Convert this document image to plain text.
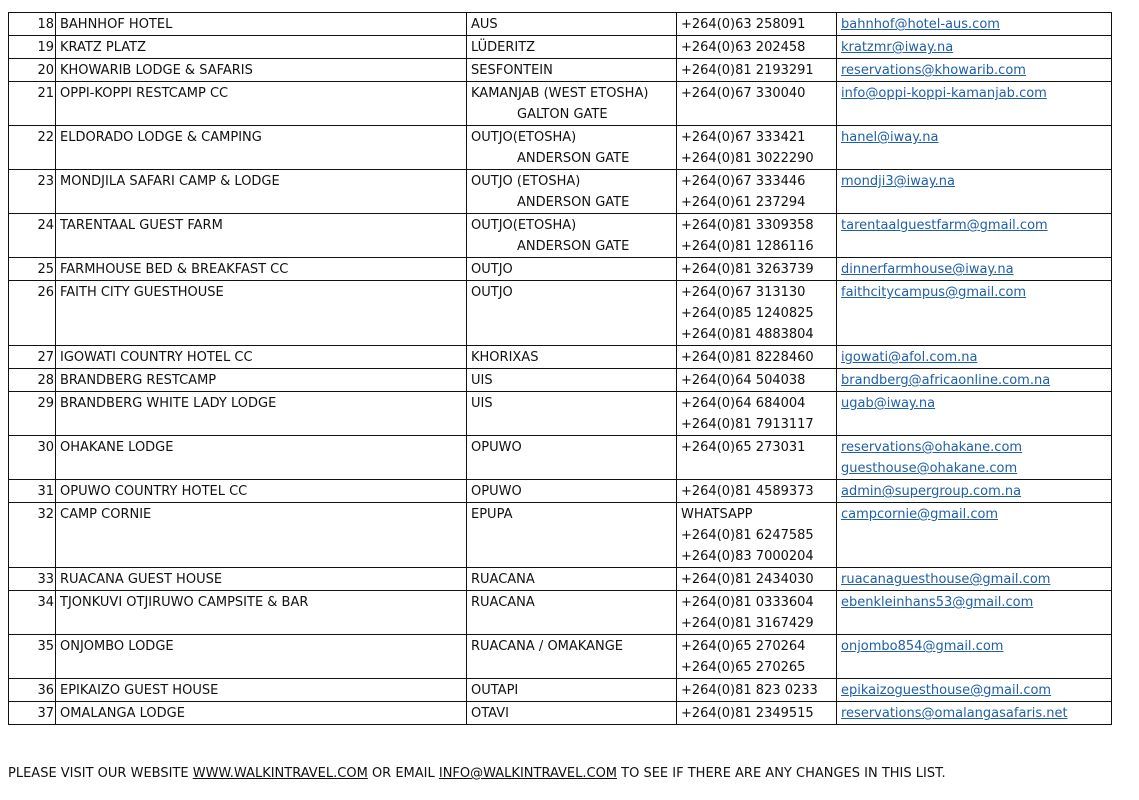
18	BAHNHOF HOTEL	AUS	+264(0)63 258091	bahnhof@hotel-aus.com

19	KRATZ PLATZ	LÜDERITZ	+264(0)63 202458	kratzmr@iway.na

20	KHOWARIB LODGE & SAFARIS	SESFONTEIN	+264(0)81 2193291	reservations@khowarib.com

21	OPPI-KOPPI RESTCAMP CC	KAMANJAB (WEST ETOSHA)
GALTON GATE	+264(0)67 330040	info@oppi-koppi-kamanjab.com

22	ELDORADO LODGE & CAMPING	OUTJO(ETOSHA)
ANDERSON GATE	+264(0)67 333421
+264(0)81 3022290	hanel@iway.na

23	MONDJILA SAFARI CAMP & LODGE	OUTJO (ETOSHA)
ANDERSON GATE	+264(0)67 333446
+264(0)61 237294	mondji3@iway.na

24	TARENTAAL GUEST FARM	OUTJO(ETOSHA)
ANDERSON GATE	+264(0)81 3309358
+264(0)81 1286116	tarentaalguestfarm@gmail.com

25	FARMHOUSE BED & BREAKFAST CC	OUTJO	+264(0)81 3263739	dinnerfarmhouse@iway.na

26	FAITH CITY GUESTHOUSE	OUTJO	+264(0)67 313130
+264(0)85 1240825
+264(0)81 4883804	faithcitycampus@gmail.com

27	IGOWATI COUNTRY HOTEL CC	KHORIXAS	+264(0)81 8228460	igowati@afol.com.na

28	BRANDBERG RESTCAMP	UIS	+264(0)64 504038	brandberg@africaonline.com.na

29	BRANDBERG WHITE LADY LODGE	UIS	+264(0)64 684004
+264(0)81 7913117	ugab@iway.na

30	OHAKANE LODGE	OPUWO	+264(0)65 273031	reservations@ohakane.com
guesthouse@ohakane.com

31	OPUWO COUNTRY HOTEL CC	OPUWO	+264(0)81 4589373	admin@supergroup.com.na

32	CAMP CORNIE	EPUPA	WHATSAPP
+264(0)81 6247585
+264(0)83 7000204	campcornie@gmail.com

33	RUACANA GUEST HOUSE	RUACANA	+264(0)81 2434030	ruacanaguesthouse@gmail.com

34	TJONKUVI OTJIRUWO CAMPSITE & BAR	RUACANA	+264(0)81 0333604
+264(0)81 3167429	ebenkleinhans53@gmail.com

35	ONJOMBO LODGE	RUACANA / OMAKANGE	+264(0)65 270264
+264(0)65 270265	onjombo854@gmail.com

36	EPIKAIZO GUEST HOUSE	OUTAPI	+264(0)81 823 0233	epikaizoguesthouse@gmail.com

37	OMALANGA LODGE	OTAVI	+264(0)81 2349515	reservations@omalangasafaris.net
PLEASE VISIT OUR WEBSITE WWW.WALKINTRAVEL.COM OR EMAIL INFO@WALKINTRAVEL.COM TO SEE IF THERE ARE ANY CHANGES IN THIS LIST.
